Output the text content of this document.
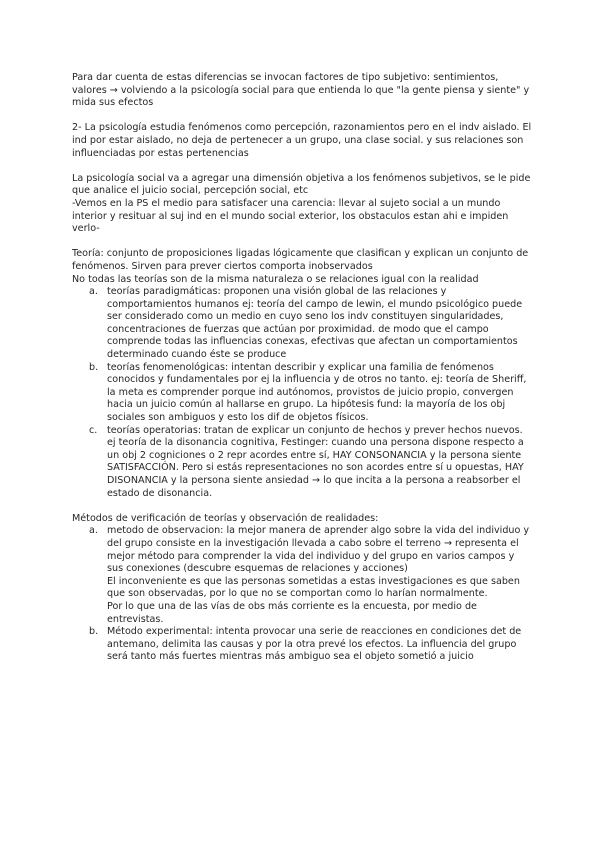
Para dar cuenta de estas diferencias se invocan factores de tipo subjetivo: sentimientos, valores → volviendo a la psicología social para que entienda lo que "la gente piensa y siente" y mida sus efectos

2- La psicología estudia fenómenos como percepción, razonamientos pero en el indv aislado. El ind por estar aislado, no deja de pertenecer a un grupo, una clase social. y sus relaciones son influenciadas por estas pertenencias

La psicología social va a agregar una dimensión objetiva a los fenómenos subjetivos, se le pide que analice el juicio social, percepción social, etc
-Vemos en la PS el medio para satisfacer una carencia: llevar al sujeto social a un mundo interior y resituar al suj ind en el mundo social exterior, los obstaculos estan ahi e impiden verlo-

Teoría: conjunto de proposiciones ligadas lógicamente que clasifican y explican un conjunto de fenómenos. Sirven para prever ciertos comporta inobservados
No todas las teorías son de la misma naturaleza o se relaciones igual con la realidad

a. teorías paradigmáticas: proponen una visión global de las relaciones y comportamientos humanos ej: teoría del campo de lewin, el mundo psicológico puede ser considerado como un medio en cuyo seno los indv constituyen singularidades, concentraciones de fuerzas que actúan por proximidad. de modo que el campo comprende todas las influencias conexas, efectivas que afectan un comportamientos determinado cuando éste se produce
b. teorías fenomenológicas: intentan describir y explicar una familia de fenómenos conocidos y fundamentales por ej la influencia y de otros no tanto. ej: teoría de Sheriff, la meta es comprender porque ind autónomos, provistos de juicio propio, convergen hacia un juicio común al hallarse en grupo. La hipótesis fund: la mayoría de los obj sociales son ambiguos y esto los dif de objetos físicos.
c. teorías operatorias: tratan de explicar un conjunto de hechos y prever hechos nuevos. ej teoría de la disonancia cognitiva, Festinger: cuando una persona dispone respecto a un obj 2 cogniciones o 2 repr acordes entre sí, HAY CONSONANCIA y la persona siente SATISFACCIÓN. Pero si estás representaciones no son acordes entre sí u opuestas, HAY DISONANCIA y la persona siente ansiedad → lo que incita a la persona a reabsorber el estado de disonancia.

Métodos de verificación de teorías y observación de realidades:

a. metodo de observacion: la mejor manera de aprender algo sobre la vida del individuo y del grupo consiste en la investigación llevada a cabo sobre el terreno → representa el mejor método para comprender la vida del individuo y del grupo en varios campos y sus conexiones (descubre esquemas de relaciones y acciones)

El inconveniente es que las personas sometidas a estas investigaciones es que saben que son observadas, por lo que no se comportan como lo harían normalmente.

Por lo que una de las vías de obs más corriente es la encuesta, por medio de entrevistas.

b. Método experimental: intenta provocar una serie de reacciones en condiciones det de antemano, delimita las causas y por la otra prevé los efectos. La influencia del grupo será tanto más fuertes mientras más ambiguo sea el objeto sometió a juicio
